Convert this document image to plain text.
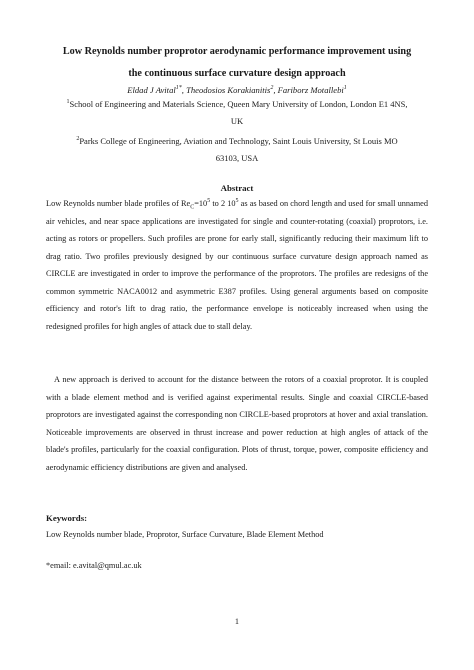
Low Reynolds number proprotor aerodynamic performance improvement using
the continuous surface curvature design approach
Eldad J Avital$^{1*}$, Theodosios Korakianitis$^2$, Fariborz Motallebi$^1$
$^1$School of Engineering and Materials Science, Queen Mary University of London, London E1 4NS,
UK
$^2$Parks College of Engineering, Aviation and Technology, Saint Louis University, St Louis MO
63103, USA
Abstract
Low Reynolds number blade profiles of $Re_C=10^5$ to 2 $10^5$ as as based on chord length and used for small unnamed air vehicles, and near space applications are investigated for single and counter-rotating (coaxial) proprotors, i.e. acting as rotors or propellers. Such profiles are prone for early stall, significantly reducing their maximum lift to drag ratio. Two profiles previously designed by our continuous surface curvature design approach named as CIRCLE are investigated in order to improve the performance of the proprotors. The profiles are redesigns of the common symmetric NACA0012 and asymmetric E387 profiles. Using general arguments based on composite efficiency and rotor's lift to drag ratio, the performance envelope is noticeably increased when using the redesigned profiles for high angles of attack due to stall delay.
A new approach is derived to account for the distance between the rotors of a coaxial proprotor. It is coupled with a blade element method and is verified against experimental results. Single and coaxial CIRCLE-based proprotors are investigated against the corresponding non CIRCLE-based proprotors at hover and axial translation. Noticeable improvements are observed in thrust increase and power reduction at high angles of attack of the blade's profiles, particularly for the coaxial configuration. Plots of thrust, torque, power, composite efficiency and aerodynamic efficiency distributions are given and analysed.
Keywords:
Low Reynolds number blade, Proprotor, Surface Curvature, Blade Element Method
*email: e.avital@qmul.ac.uk
1
